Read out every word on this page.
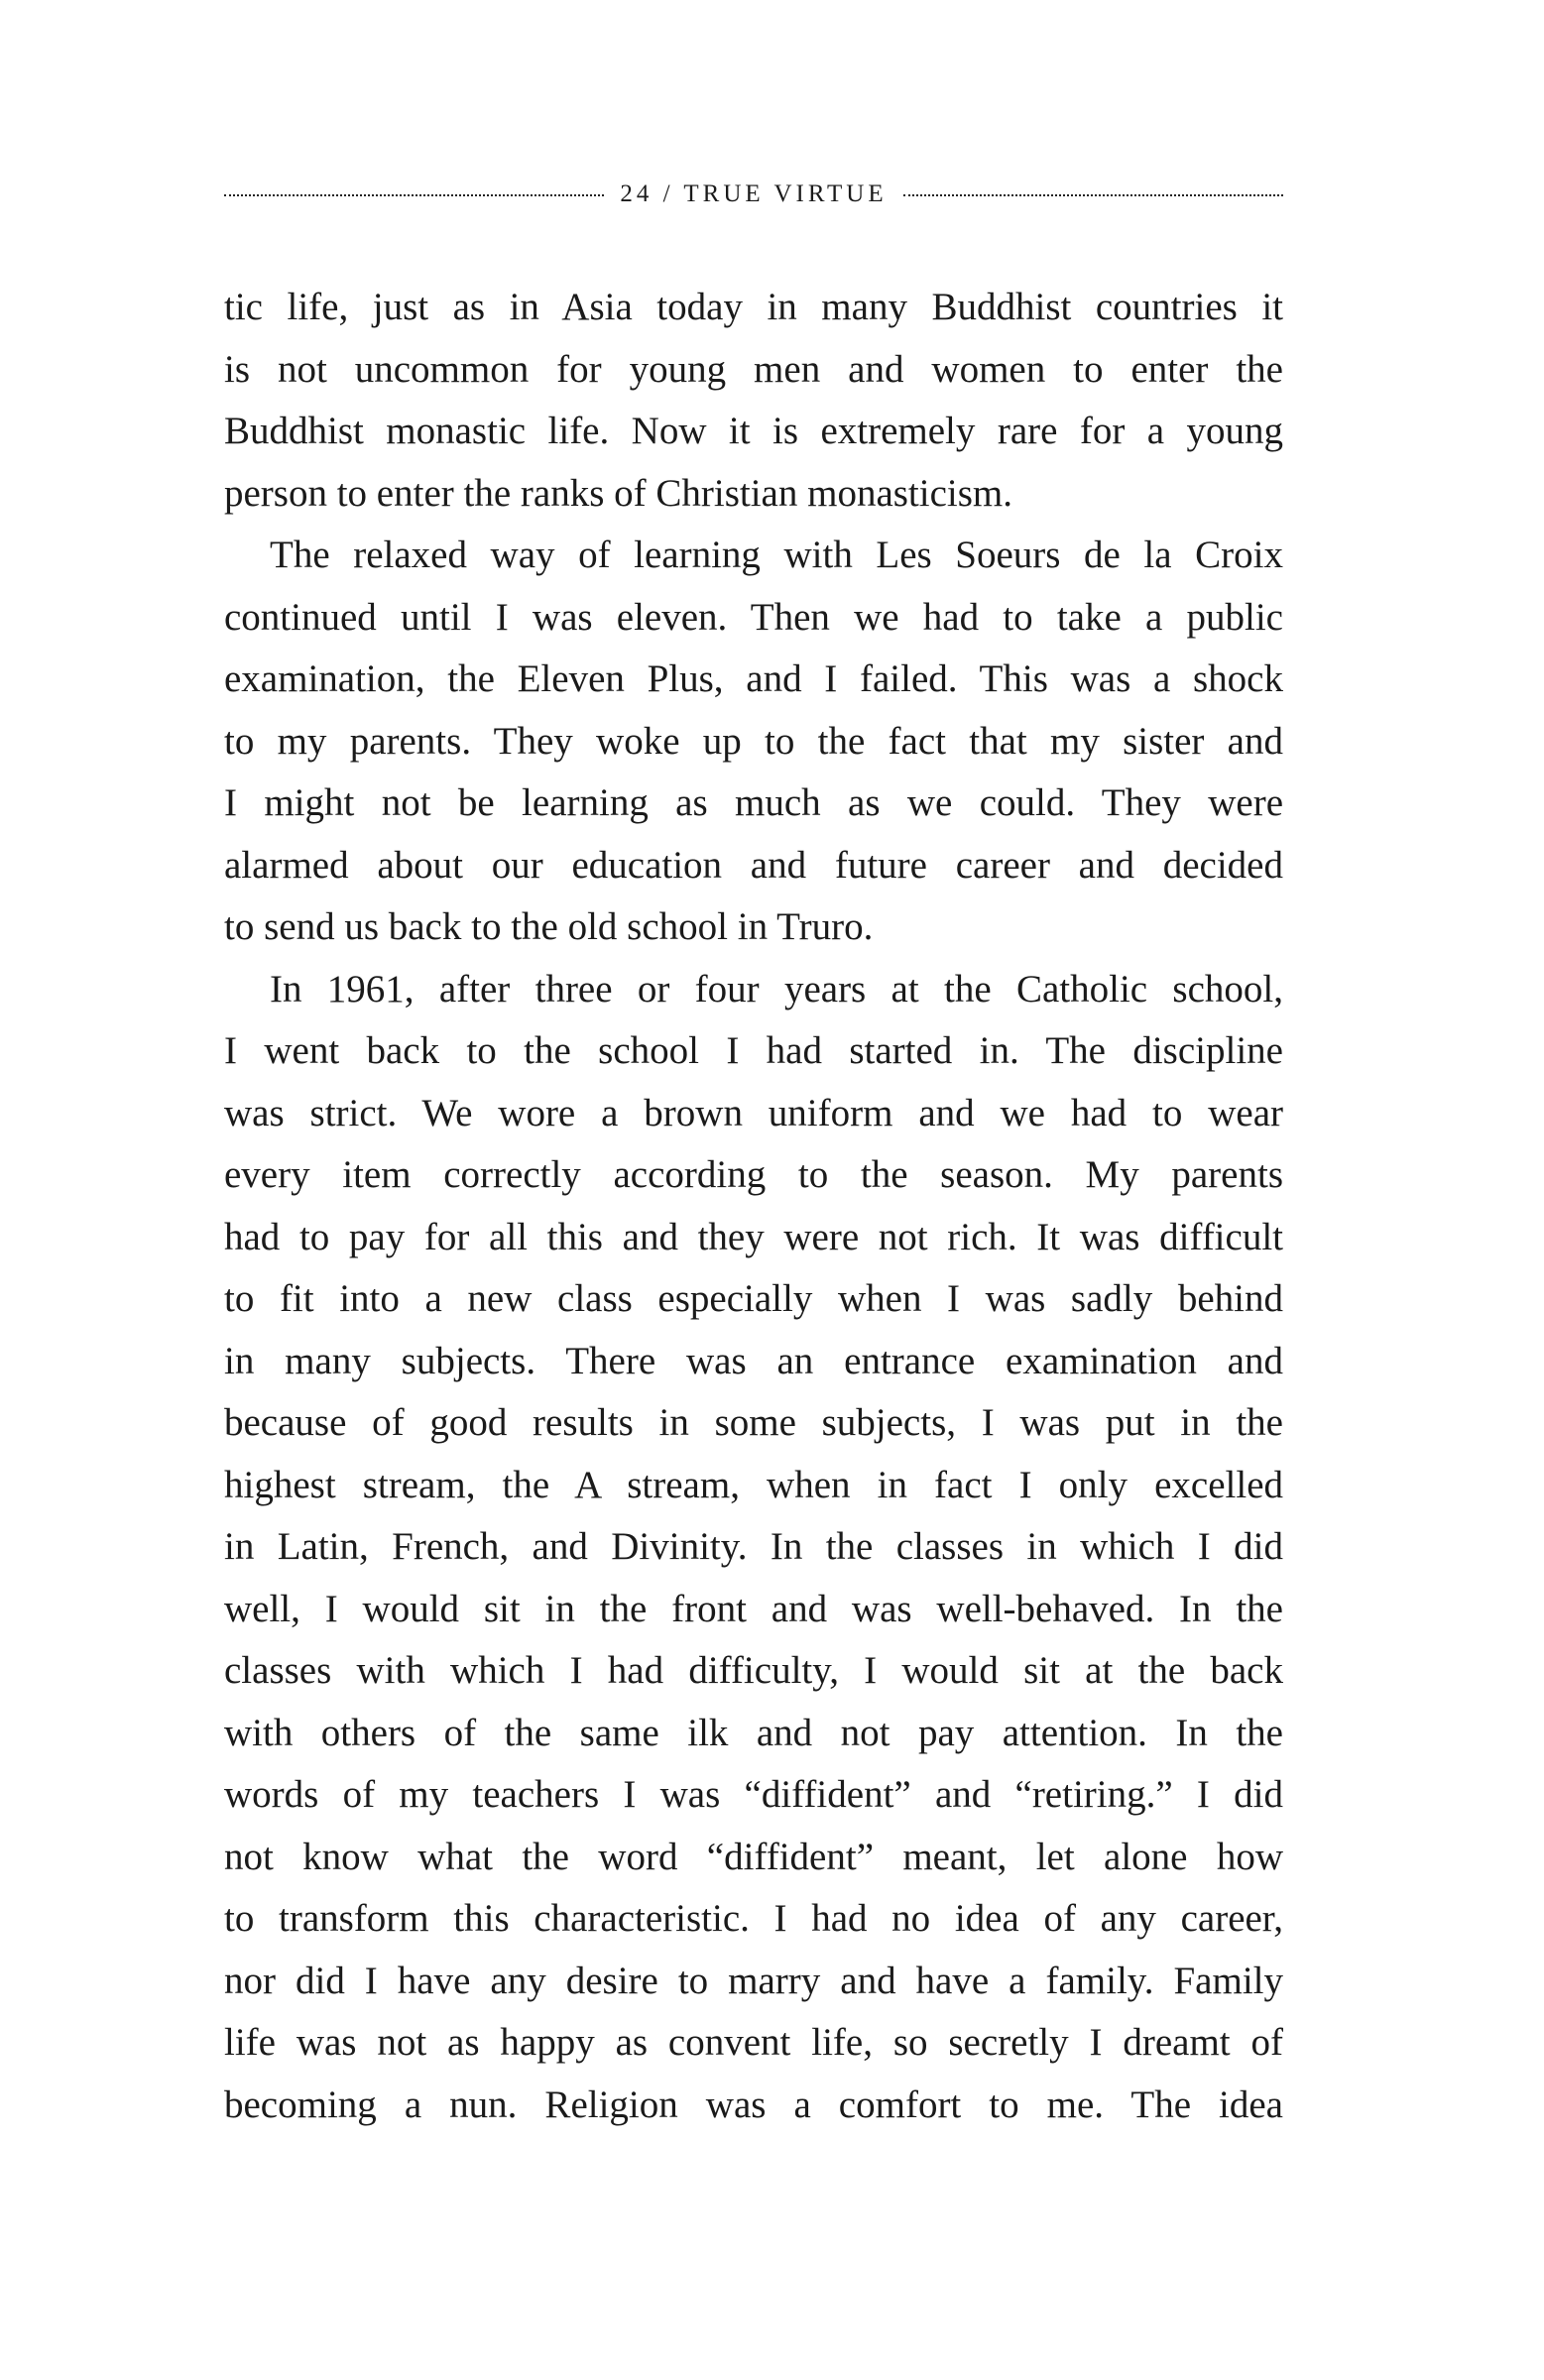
24 / TRUE VIRTUE
tic life, just as in Asia today in many Buddhist countries it
is not uncommon for young men and women to enter the
Buddhist monastic life. Now it is extremely rare for a young
person to enter the ranks of Christian monasticism.
The relaxed way of learning with Les Soeurs de la Croix
continued until I was eleven. Then we had to take a public
examination, the Eleven Plus, and I failed. This was a shock
to my parents. They woke up to the fact that my sister and
I might not be learning as much as we could. They were
alarmed about our education and future career and decided
to send us back to the old school in Truro.
In 1961, after three or four years at the Catholic school,
I went back to the school I had started in. The discipline
was strict. We wore a brown uniform and we had to wear
every item correctly according to the season. My parents
had to pay for all this and they were not rich. It was difficult
to fit into a new class especially when I was sadly behind
in many subjects. There was an entrance examination and
because of good results in some subjects, I was put in the
highest stream, the A stream, when in fact I only excelled
in Latin, French, and Divinity. In the classes in which I did
well, I would sit in the front and was well-behaved. In the
classes with which I had difficulty, I would sit at the back
with others of the same ilk and not pay attention. In the
words of my teachers I was “diffident” and “retiring.” I did
not know what the word “diffident” meant, let alone how
to transform this characteristic. I had no idea of any career,
nor did I have any desire to marry and have a family. Family
life was not as happy as convent life, so secretly I dreamt of
becoming a nun. Religion was a comfort to me. The idea
